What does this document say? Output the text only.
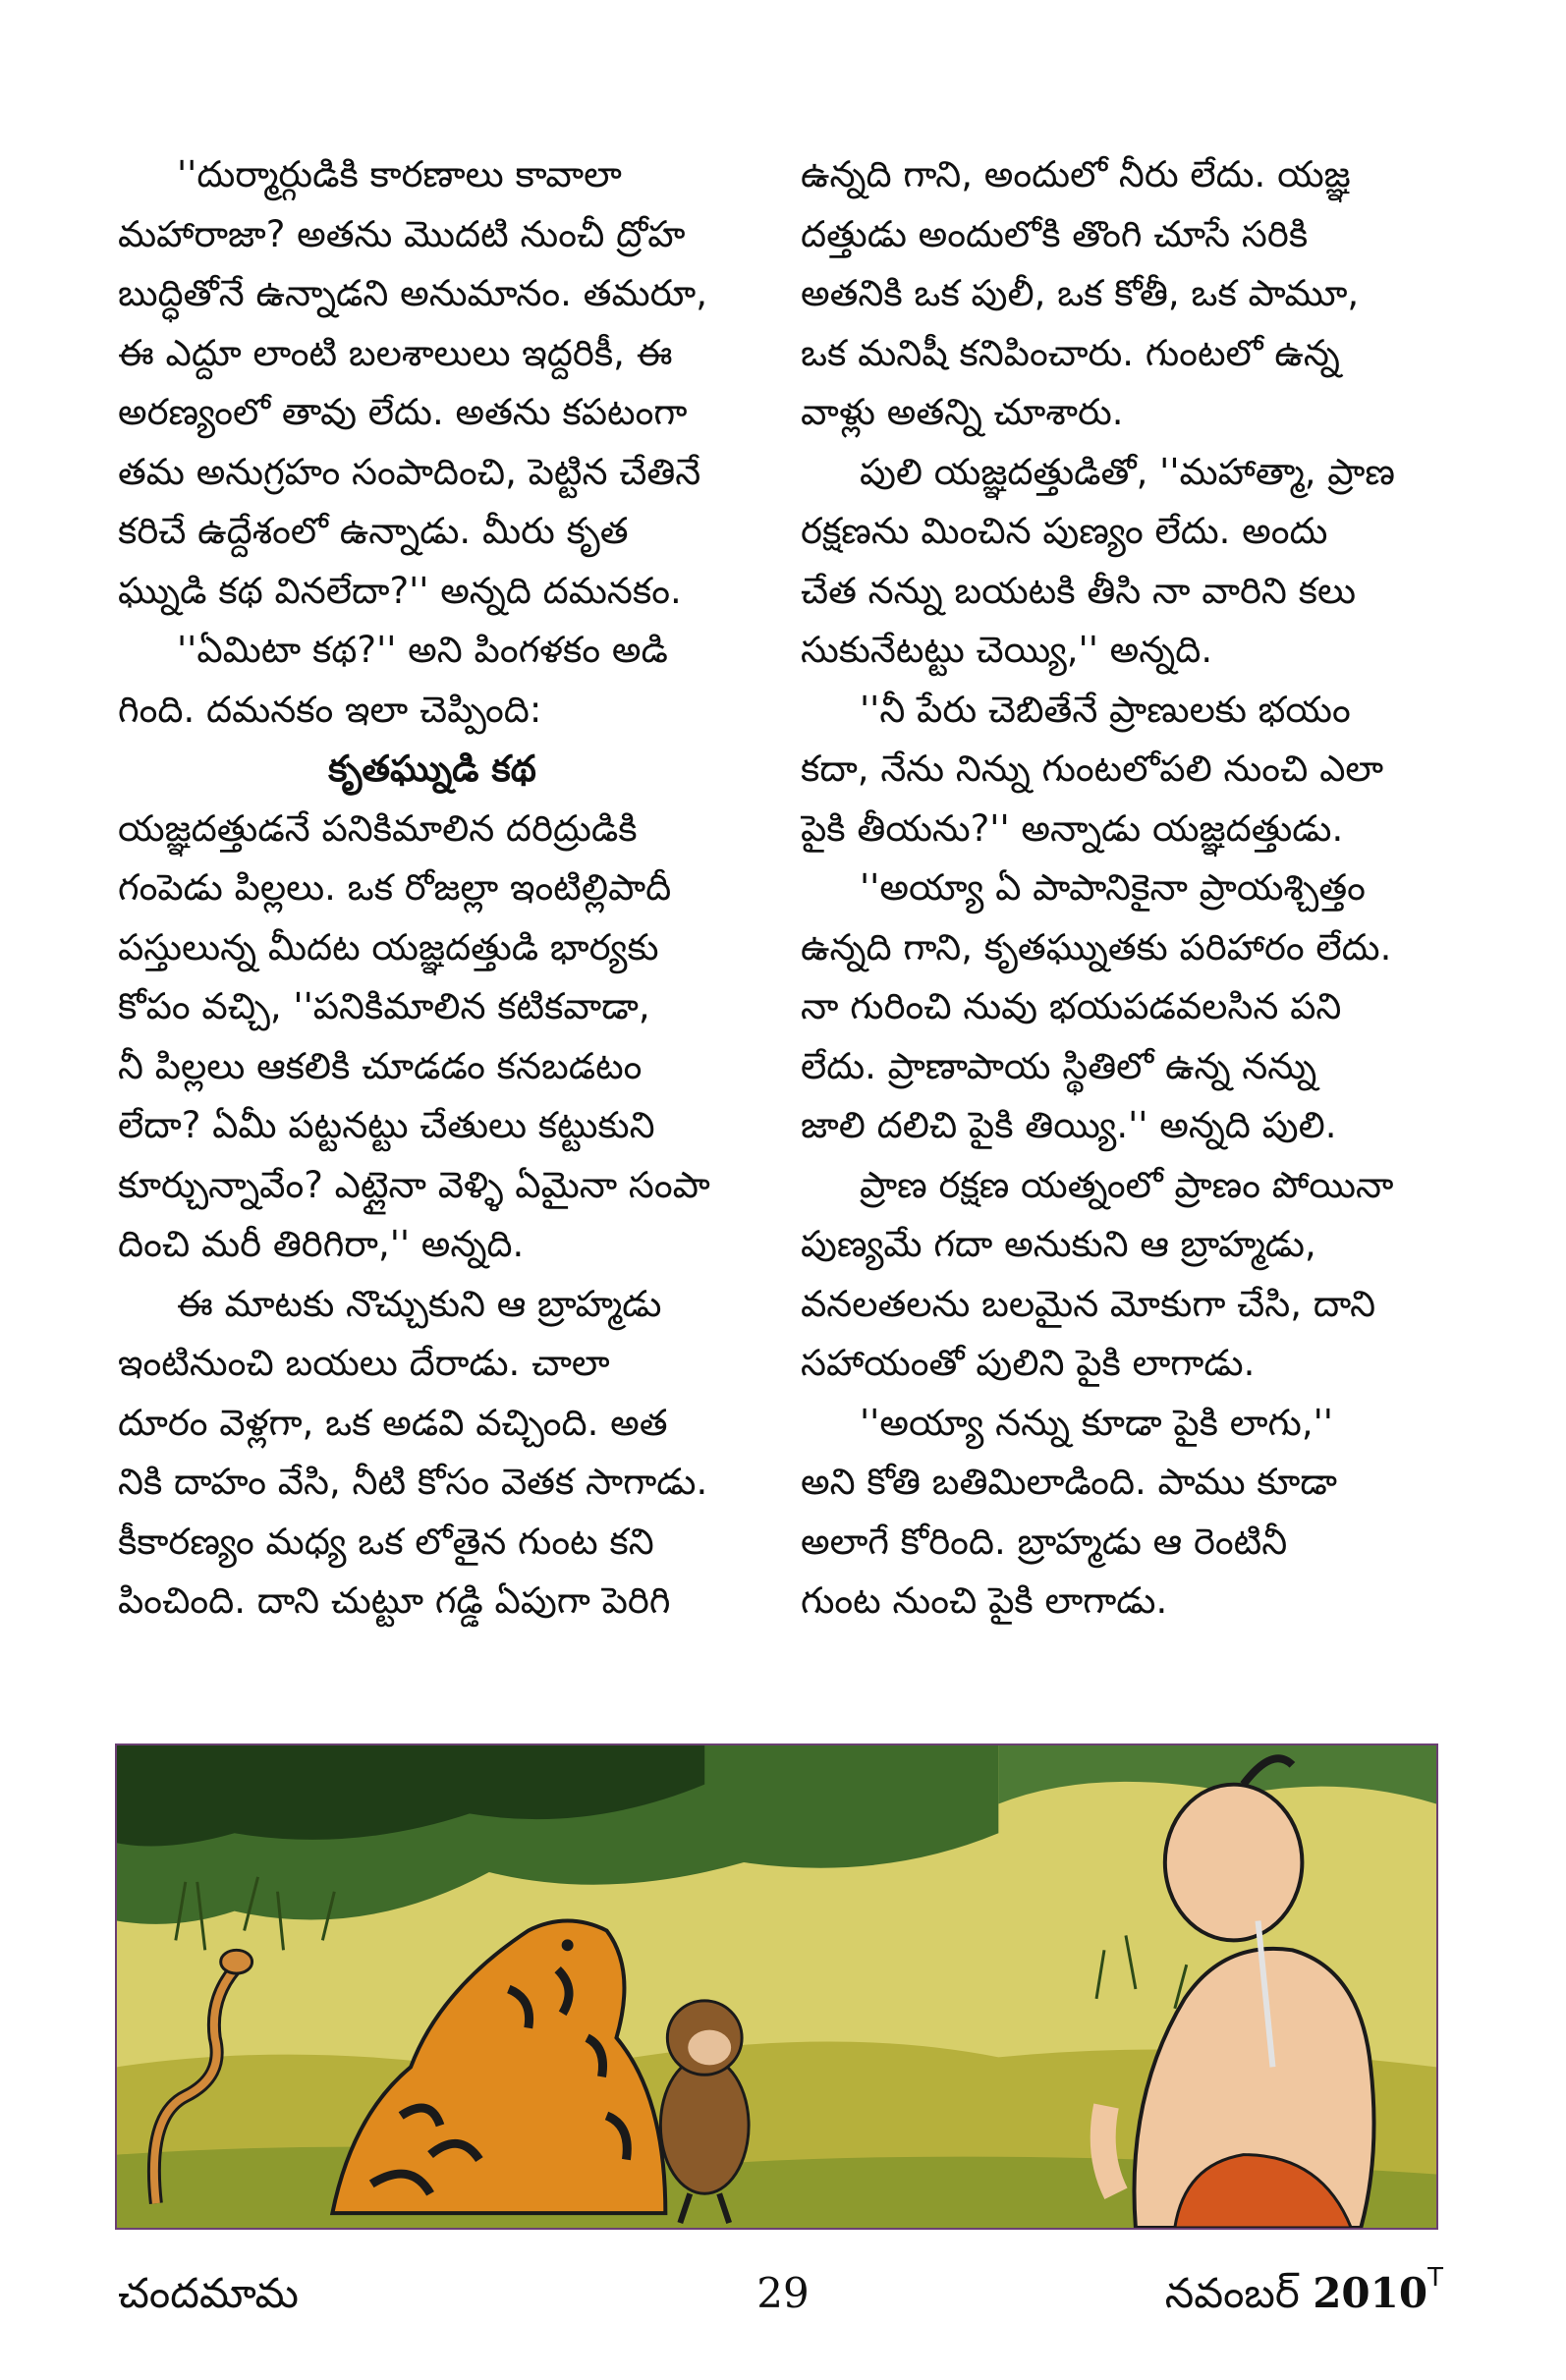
''దుర్మార్గుడికి కారణాలు కావాలా
మహారాజా? అతను మొదటి నుంచీ ద్రోహ
బుద్ధితోనే ఉన్నాడని అనుమానం. తమరూ,
ఈ ఎద్దూ లాంటి బలశాలులు ఇద్దరికీ, ఈ
అరణ్యంలో తావు లేదు. అతను కపటంగా
తమ అనుగ్రహం సంపాదించి, పెట్టిన చేతినే
కరిచే ఉద్దేశంలో ఉన్నాడు. మీరు కృత
ఘ్నుడి కథ వినలేదా?'' అన్నది దమనకం.
''ఏమిటా కథ?'' అని పింగళకం అడి
గింది. దమనకం ఇలా చెప్పింది:
కృతఘ్నుడి కథ
యజ్ఞదత్తుడనే పనికిమాలిన దరిద్రుడికి
గంపెడు పిల్లలు. ఒక రోజల్లా ఇంటిల్లిపాదీ
పస్తులున్న మీదట యజ్ఞదత్తుడి భార్యకు
కోపం వచ్చి, ''పనికిమాలిన కటికవాడా,
నీ పిల్లలు ఆకలికి చూడడం కనబడటం
లేదా? ఏమీ పట్టనట్టు చేతులు కట్టుకుని
కూర్చున్నావేం? ఎట్లైనా వెళ్ళి ఏమైనా సంపా
దించి మరీ తిరిగిరా,'' అన్నది.
ఈ మాటకు నొచ్చుకుని ఆ బ్రాహ్మడు
ఇంటినుంచి బయలు దేరాడు. చాలా
దూరం వెళ్లగా, ఒక అడవి వచ్చింది. అత
నికి దాహం వేసి, నీటి కోసం వెతక సాగాడు.
కీకారణ్యం మధ్య ఒక లోతైన గుంట కని
పించింది. దాని చుట్టూ గడ్డి ఏపుగా పెరిగి
ఉన్నది గాని, అందులో నీరు లేదు. యజ్ఞ
దత్తుడు అందులోకి తొంగి చూసే సరికి
అతనికి ఒక పులీ, ఒక కోతీ, ఒక పామూ,
ఒక మనిషీ కనిపించారు. గుంటలో ఉన్న
వాళ్లు అతన్ని చూశారు.
పులి యజ్ఞదత్తుడితో, ''మహాత్మా, ప్రాణ
రక్షణను మించిన పుణ్యం లేదు. అందు
చేత నన్ను బయటకి తీసి నా వారిని కలు
సుకునేటట్టు చెయ్యి,'' అన్నది.
''నీ పేరు చెబితేనే ప్రాణులకు భయం
కదా, నేను నిన్ను గుంటలోపలి నుంచి ఎలా
పైకి తీయను?'' అన్నాడు యజ్ఞదత్తుడు.
''అయ్యా ఏ పాపానికైనా ప్రాయశ్చిత్తం
ఉన్నది గాని, కృతఘ్నుతకు పరిహారం లేదు.
నా గురించి నువు భయపడవలసిన పని
లేదు. ప్రాణాపాయ స్థితిలో ఉన్న నన్ను
జాలి దలిచి పైకి తియ్యి.'' అన్నది పులి.
ప్రాణ రక్షణ యత్నంలో ప్రాణం పోయినా
పుణ్యమే గదా అనుకుని ఆ బ్రాహ్మడు,
వనలతలను బలమైన మోకుగా చేసి, దాని
సహాయంతో పులిని పైకి లాగాడు.
''అయ్యా నన్ను కూడా పైకి లాగు,''
అని కోతి బతిమిలాడింది. పాము కూడా
అలాగే కోరింది. బ్రాహ్మడు ఆ రెంటినీ
గుంట నుంచి పైకి లాగాడు.
చందమామ	29	నవంబర్ $2010^T$
